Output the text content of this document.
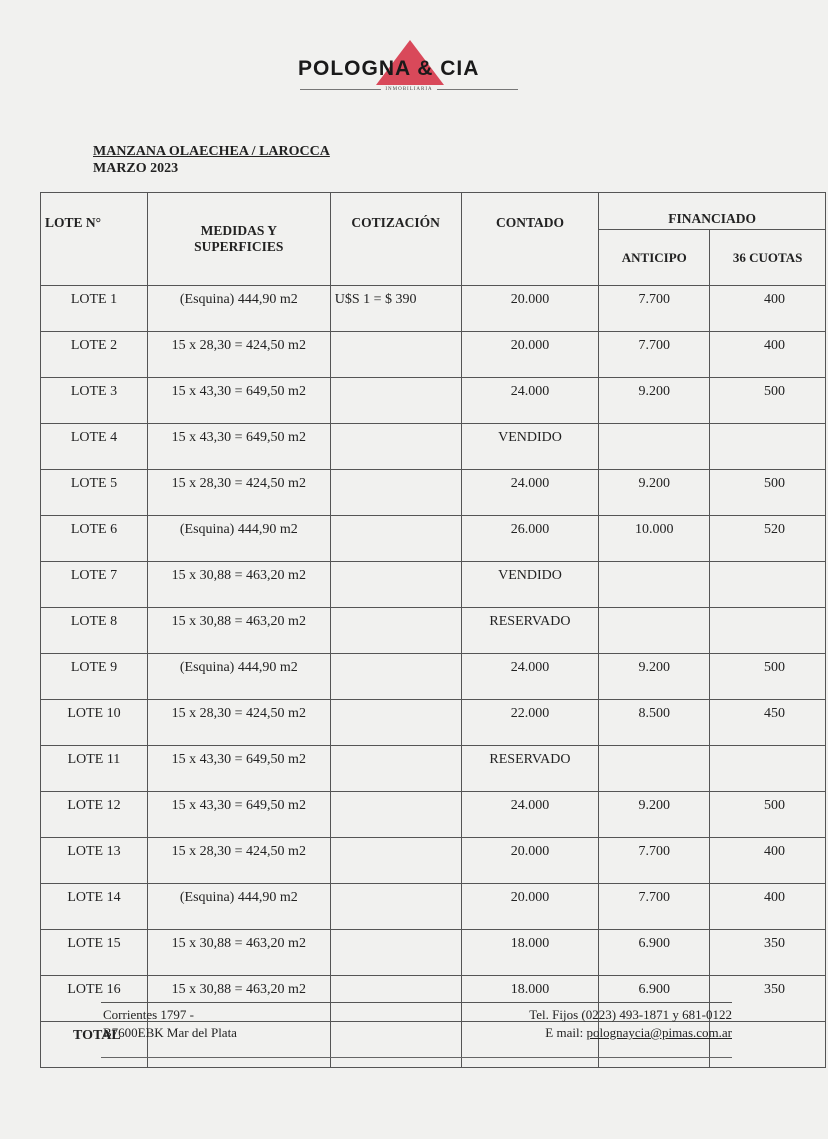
POLOGNA & CIA
INMOBILIARIA
MANZANA OLAECHEA / LAROCCA
MARZO 2023
LOTE N°	MEDIDAS Y SUPERFICIES	COTIZACIÓN	CONTADO	FINANCIADO	
				ANTICIPO	36 CUOTAS
LOTE 1	(Esquina) 444,90 m2	U$S 1 = $ 390	20.000	7.700	400
LOTE 2	15 x 28,30 = 424,50 m2		20.000	7.700	400
LOTE 3	15 x 43,30 = 649,50 m2		24.000	9.200	500
LOTE 4	15 x 43,30 = 649,50 m2		VENDIDO		
LOTE 5	15 x 28,30 = 424,50 m2		24.000	9.200	500
LOTE 6	(Esquina) 444,90 m2		26.000	10.000	520
LOTE 7	15 x 30,88 = 463,20 m2		VENDIDO		
LOTE 8	15 x 30,88 = 463,20 m2		RESERVADO		
LOTE 9	(Esquina) 444,90 m2		24.000	9.200	500
LOTE 10	15 x 28,30 = 424,50 m2		22.000	8.500	450
LOTE 11	15 x 43,30 = 649,50 m2		RESERVADO		
LOTE 12	15 x 43,30 = 649,50 m2		24.000	9.200	500
LOTE 13	15 x 28,30 = 424,50 m2		20.000	7.700	400
LOTE 14	(Esquina) 444,90 m2		20.000	7.700	400
LOTE 15	15 x 30,88 = 463,20 m2		18.000	6.900	350
LOTE 16	15 x 30,88 = 463,20 m2		18.000	6.900	350
TOTAL					
Corrientes 1797 -
B7600EBK Mar del Plata
Tel. Fijos (0223) 493-1871 y 681-0122
E mail: polognaycia@pimas.com.ar
